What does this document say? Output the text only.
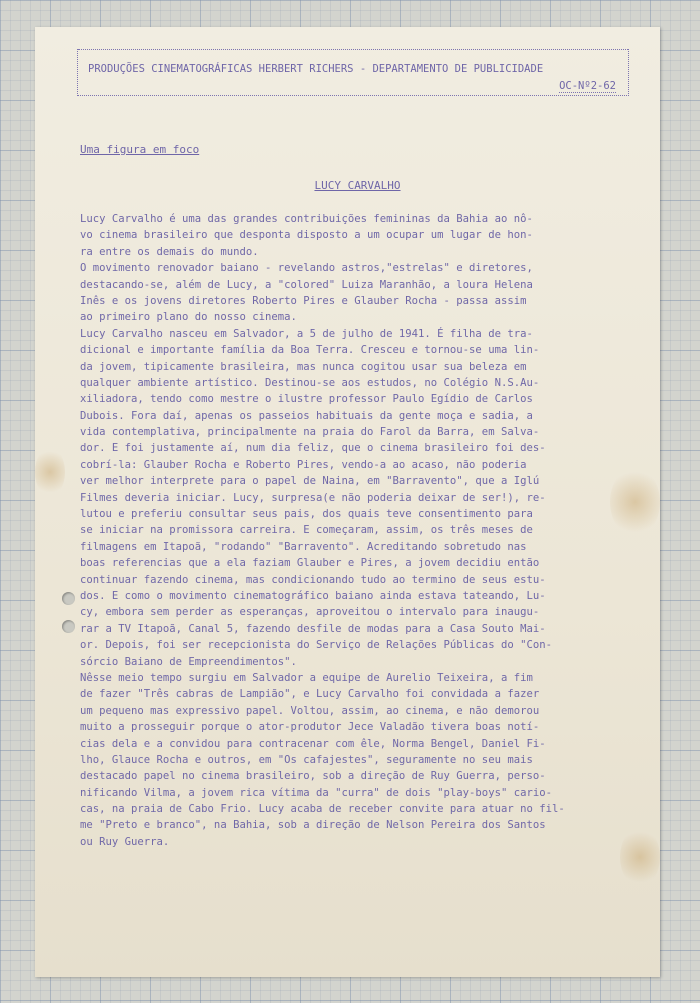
PRODUÇÕES CINEMATOGRÁFICAS HERBERT RICHERS - DEPARTAMENTO DE PUBLICIDADE
OC-Nº2-62
Uma figura em foco
LUCY CARVALHO
Lucy Carvalho é uma das grandes contribuições femininas da Bahia ao nô-
vo cinema brasileiro que desponta disposto a um ocupar um lugar de hon-
ra entre os demais do mundo.
O movimento renovador baiano - revelando astros,"estrelas" e diretores,
destacando-se, além de Lucy, a "colored" Luiza Maranhão, a loura Helena
Inês e os jovens diretores Roberto Pires e Glauber Rocha - passa assim
ao primeiro plano do nosso cinema.
Lucy Carvalho nasceu em Salvador, a 5 de julho de 1941. É filha de tra-
dicional e importante família da Boa Terra. Cresceu e tornou-se uma lin-
da jovem, tipicamente brasileira, mas nunca cogitou usar sua beleza em
qualquer ambiente artístico. Destinou-se aos estudos, no Colégio N.S.Au-
xiliadora, tendo como mestre o ilustre professor Paulo Egídio de Carlos
Dubois. Fora daí, apenas os passeios habituais da gente moça e sadia, a
vida contemplativa, principalmente na praia do Farol da Barra, em Salva-
dor. E foi justamente aí, num dia feliz, que o cinema brasileiro foi des-
cobrí-la: Glauber Rocha e Roberto Pires, vendo-a ao acaso, não poderia
ver melhor interprete para o papel de Naina, em "Barravento", que a Iglú
Filmes deveria iniciar. Lucy, surpresa(e não poderia deixar de ser!), re-
lutou e preferiu consultar seus pais, dos quais teve consentimento para
se iniciar na promissora carreira. E começaram, assim, os três meses de
filmagens em Itapoã, "rodando" "Barravento". Acreditando sobretudo nas
boas referencias que a ela faziam Glauber e Pires, a jovem decidiu então
continuar fazendo cinema, mas condicionando tudo ao termino de seus estu-
dos. E como o movimento cinematográfico baiano ainda estava tateando, Lu-
cy, embora sem perder as esperanças, aproveitou o intervalo para inaugu-
rar a TV Itapoã, Canal 5, fazendo desfile de modas para a Casa Souto Mai-
or. Depois, foi ser recepcionista do Serviço de Relações Públicas do "Con-
sórcio Baiano de Empreendimentos".
Nêsse meio tempo surgiu em Salvador a equipe de Aurelio Teixeira, a fim
de fazer "Três cabras de Lampião", e Lucy Carvalho foi convidada a fazer
um pequeno mas expressivo papel. Voltou, assim, ao cinema, e não demorou
muito a prosseguir porque o ator-produtor Jece Valadão tivera boas notí-
cias dela e a convidou para contracenar com êle, Norma Bengel, Daniel Fi-
lho, Glauce Rocha e outros, em "Os cafajestes", seguramente no seu mais
destacado papel no cinema brasileiro, sob a direção de Ruy Guerra, perso-
nificando Vilma, a jovem rica vítima da "curra" de dois "play-boys" cario-
cas, na praia de Cabo Frio. Lucy acaba de receber convite para atuar no fil-
me "Preto e branco", na Bahia, sob a direção de Nelson Pereira dos Santos
ou Ruy Guerra.
